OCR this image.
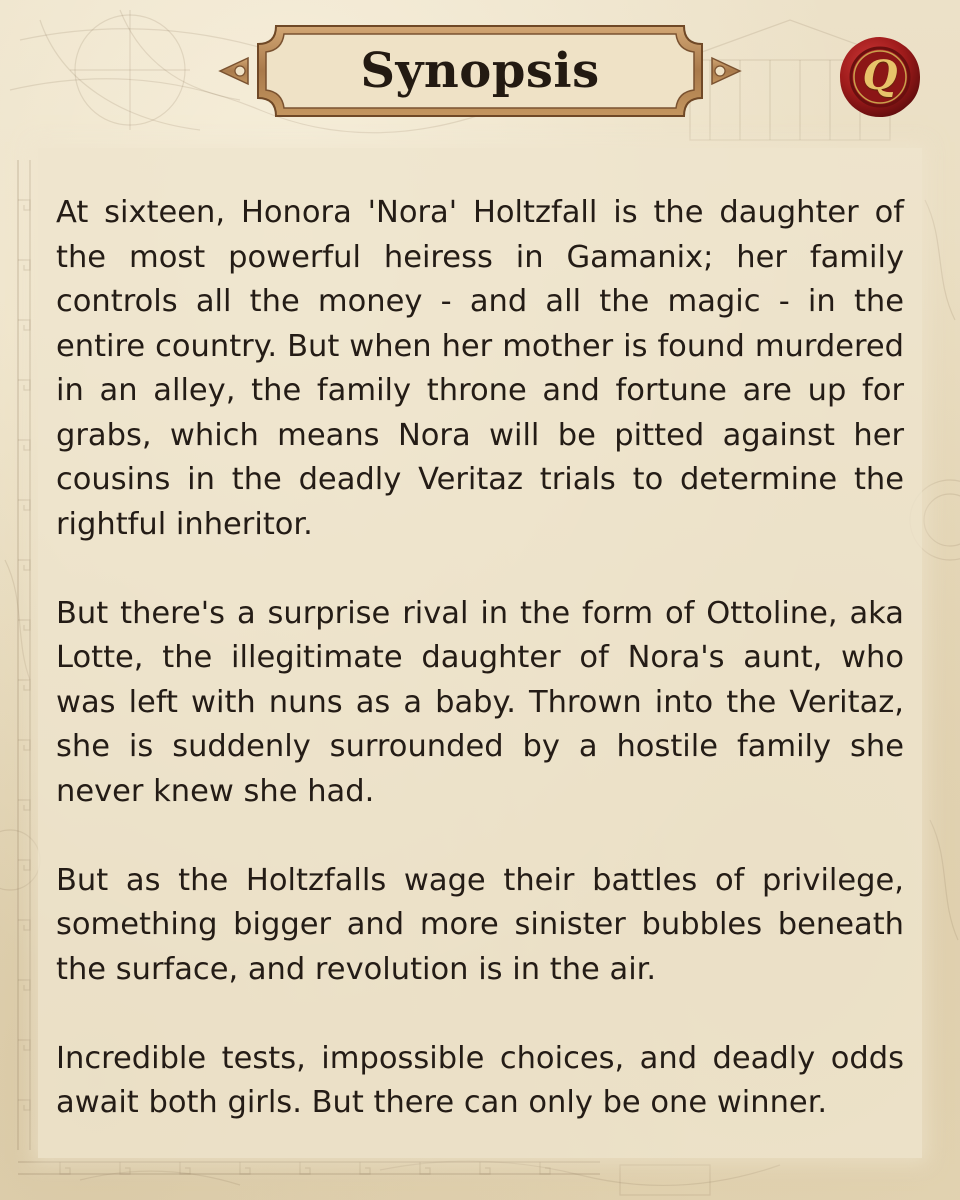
Synopsis	Q

At sixteen, Honora 'Nora' Holtzfall is the daughter of the most powerful heiress in Gamanix; her family controls all the money - and all the magic - in the entire country. But when her mother is found murdered in an alley, the family throne and fortune are up for grabs, which means Nora will be pitted against her cousins in the deadly Veritaz trials to determine the rightful inheritor.

But there's a surprise rival in the form of Ottoline, aka Lotte, the illegitimate daughter of Nora's aunt, who was left with nuns as a baby. Thrown into the Veritaz, she is suddenly surrounded by a hostile family she never knew she had.

But as the Holtzfalls wage their battles of privilege, something bigger and more sinister bubbles beneath the surface, and revolution is in the air.

Incredible tests, impossible choices, and deadly odds await both girls. But there can only be one winner.
